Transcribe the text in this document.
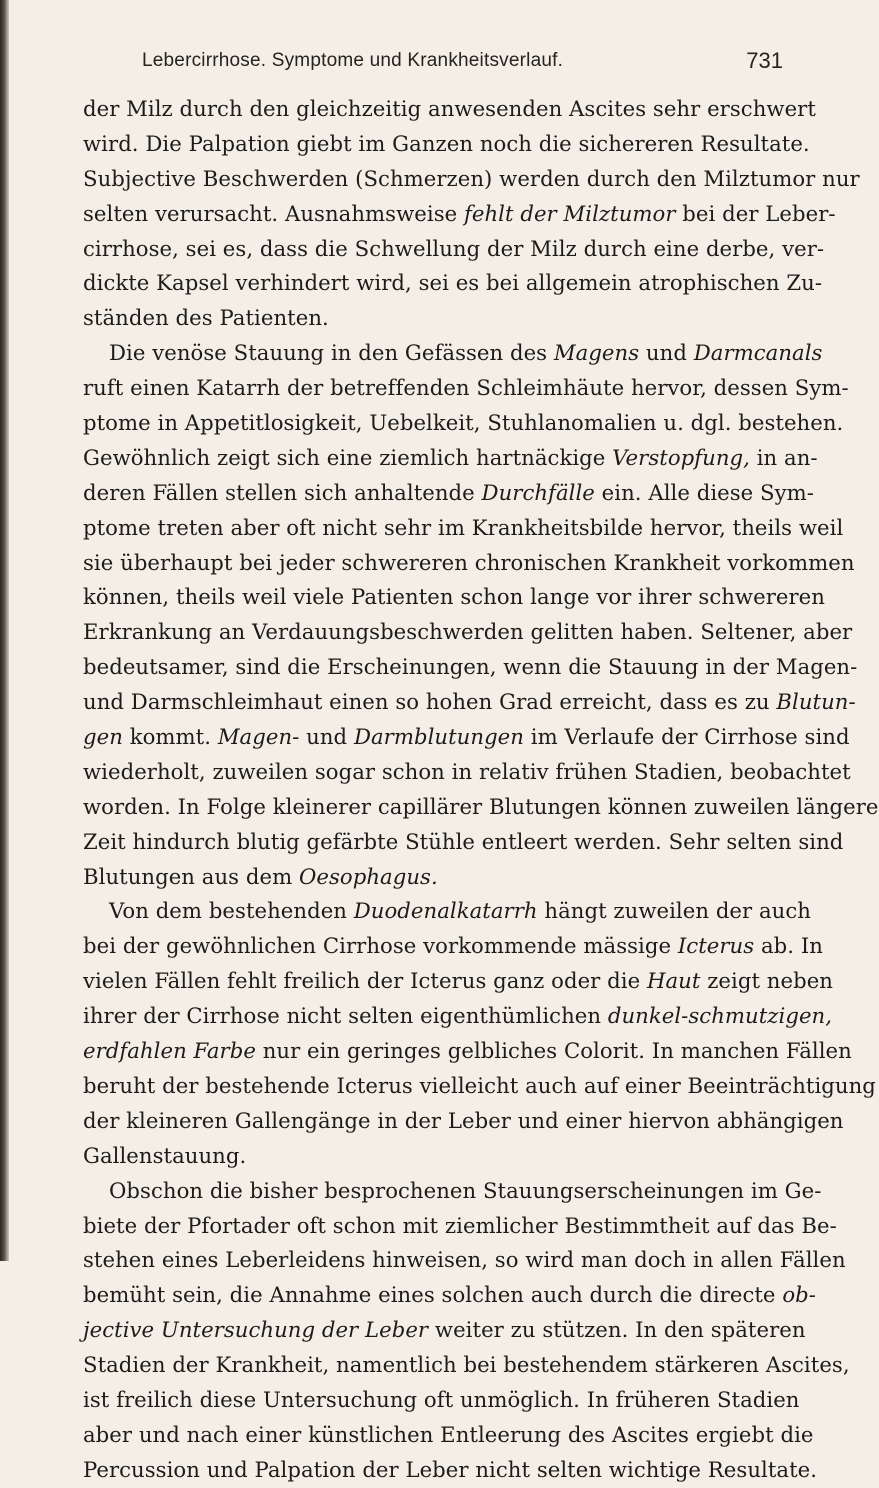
Lebercirrhose. Symptome und Krankheitsverlauf.	731
der Milz durch den gleichzeitig anwesenden Ascites sehr erschwert
wird. Die Palpation giebt im Ganzen noch die sichereren Resultate.
Subjective Beschwerden (Schmerzen) werden durch den Milztumor nur
selten verursacht. Ausnahmsweise fehlt der Milztumor bei der Leber-
cirrhose, sei es, dass die Schwellung der Milz durch eine derbe, ver-
dickte Kapsel verhindert wird, sei es bei allgemein atrophischen Zu-
ständen des Patienten.
Die venöse Stauung in den Gefässen des Magens und Darmcanals
ruft einen Katarrh der betreffenden Schleimhäute hervor, dessen Sym-
ptome in Appetitlosigkeit, Uebelkeit, Stuhlanomalien u. dgl. bestehen.
Gewöhnlich zeigt sich eine ziemlich hartnäckige Verstopfung, in an-
deren Fällen stellen sich anhaltende Durchfälle ein. Alle diese Sym-
ptome treten aber oft nicht sehr im Krankheitsbilde hervor, theils weil
sie überhaupt bei jeder schwereren chronischen Krankheit vorkommen
können, theils weil viele Patienten schon lange vor ihrer schwereren
Erkrankung an Verdauungsbeschwerden gelitten haben. Seltener, aber
bedeutsamer, sind die Erscheinungen, wenn die Stauung in der Magen-
und Darmschleimhaut einen so hohen Grad erreicht, dass es zu Blutun-
gen kommt. Magen- und Darmblutungen im Verlaufe der Cirrhose sind
wiederholt, zuweilen sogar schon in relativ frühen Stadien, beobachtet
worden. In Folge kleinerer capillärer Blutungen können zuweilen längere
Zeit hindurch blutig gefärbte Stühle entleert werden. Sehr selten sind
Blutungen aus dem Oesophagus.
Von dem bestehenden Duodenalkatarrh hängt zuweilen der auch
bei der gewöhnlichen Cirrhose vorkommende mässige Icterus ab. In
vielen Fällen fehlt freilich der Icterus ganz oder die Haut zeigt neben
ihrer der Cirrhose nicht selten eigenthümlichen dunkel-schmutzigen,
erdfahlen Farbe nur ein geringes gelbliches Colorit. In manchen Fällen
beruht der bestehende Icterus vielleicht auch auf einer Beeinträchtigung
der kleineren Gallengänge in der Leber und einer hiervon abhängigen
Gallenstauung.
Obschon die bisher besprochenen Stauungserscheinungen im Ge-
biete der Pfortader oft schon mit ziemlicher Bestimmtheit auf das Be-
stehen eines Leberleidens hinweisen, so wird man doch in allen Fällen
bemüht sein, die Annahme eines solchen auch durch die directe ob-
jective Untersuchung der Leber weiter zu stützen. In den späteren
Stadien der Krankheit, namentlich bei bestehendem stärkeren Ascites,
ist freilich diese Untersuchung oft unmöglich. In früheren Stadien
aber und nach einer künstlichen Entleerung des Ascites ergiebt die
Percussion und Palpation der Leber nicht selten wichtige Resultate.
